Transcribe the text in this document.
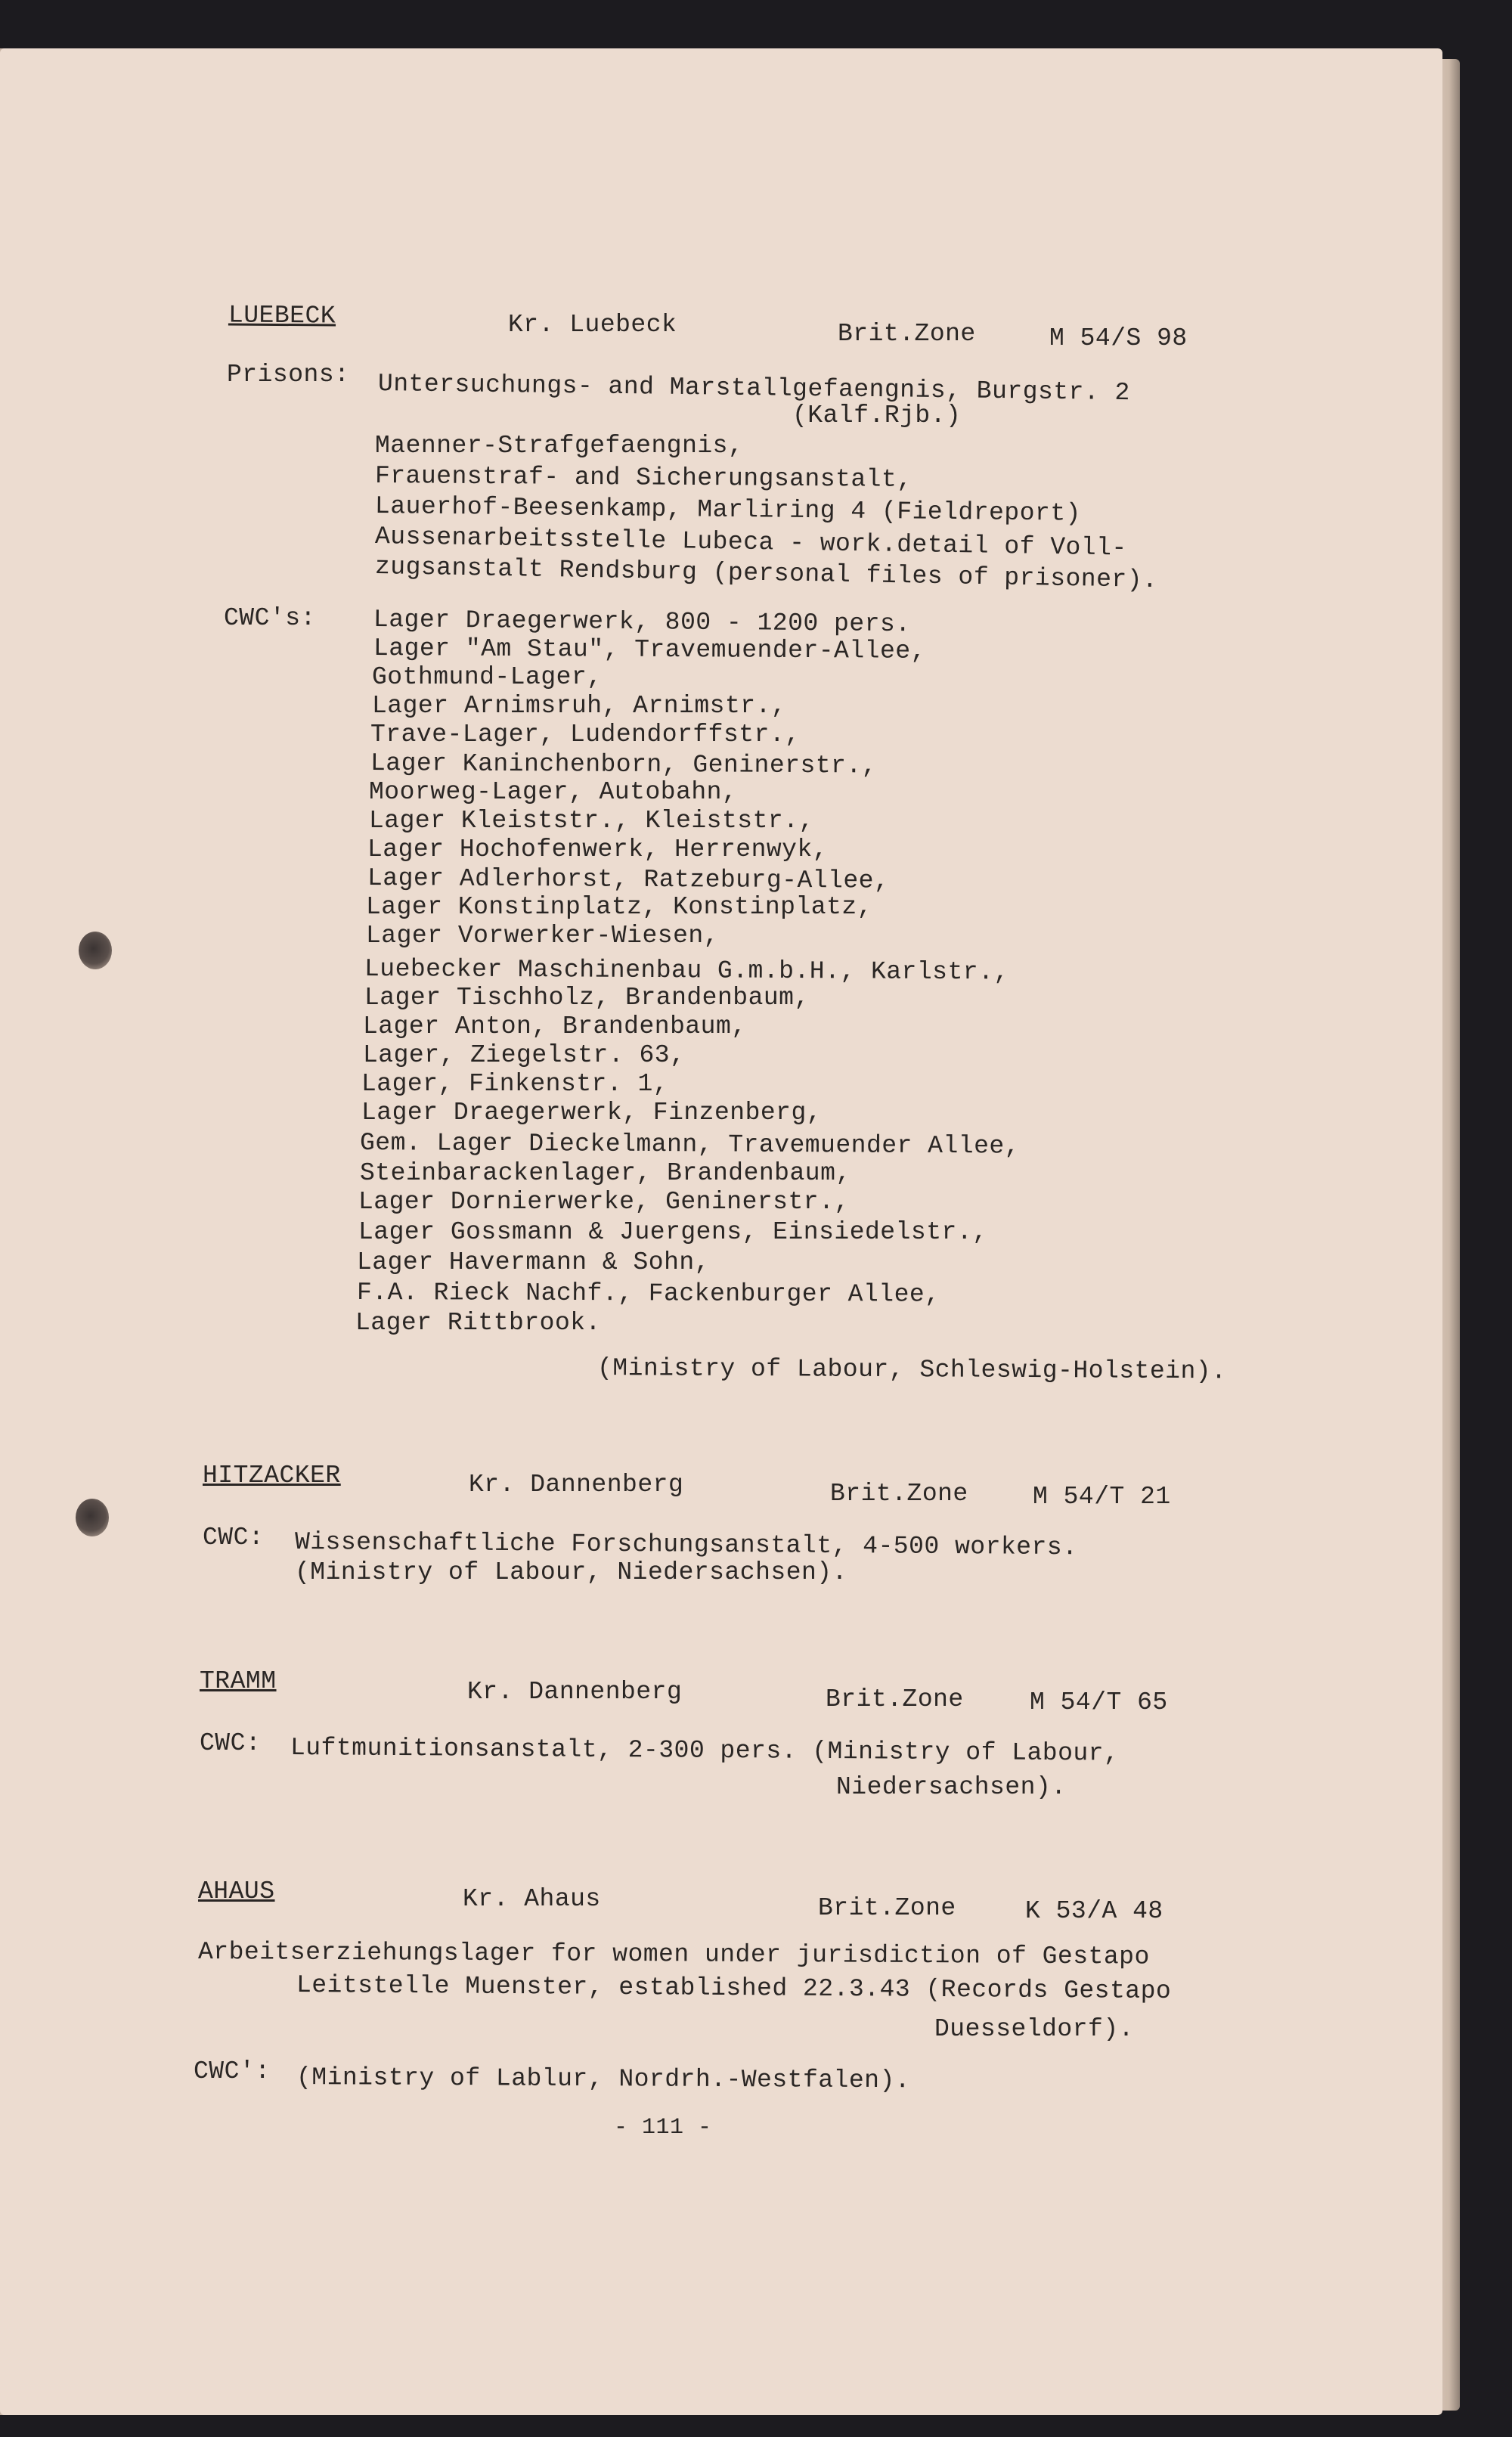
LUEBECK	Kr. Luebeck	Brit.Zone	M 54/S 98
Prisons: Untersuchungs- and Marstallgefaengnis, Burgstr. 2
(Kalf.Rjb.)
Maenner-Strafgefaengnis,
Frauenstraf- and Sicherungsanstalt,
Lauerhof-Beesenkamp, Marliring 4 (Fieldreport)
Aussenarbeitsstelle Lubeca - work.detail of Voll-
zugsanstalt Rendsburg (personal files of prisoner).
CWC's: Lager Draegerwerk, 800 - 1200 pers.
Lager "Am Stau", Travemuender-Allee,
Gothmund-Lager,
Lager Arnimsruh, Arnimstr.,
Trave-Lager, Ludendorffstr.,
Lager Kaninchenborn, Geninerstr.,
Moorweg-Lager, Autobahn,
Lager Kleiststr., Kleiststr.,
Lager Hochofenwerk, Herrenwyk,
Lager Adlerhorst, Ratzeburg-Allee,
Lager Konstinplatz, Konstinplatz,
Lager Vorwerker-Wiesen,
Luebecker Maschinenbau G.m.b.H., Karlstr.,
Lager Tischholz, Brandenbaum,
Lager Anton, Brandenbaum,
Lager, Ziegelstr. 63,
Lager, Finkenstr. 1,
Lager Draegerwerk, Finzenberg,
Gem. Lager Dieckelmann, Travemuender Allee,
Steinbarackenlager, Brandenbaum,
Lager Dornierwerke, Geninerstr.,
Lager Gossmann & Juergens, Einsiedelstr.,
Lager Havermann & Sohn,
F.A. Rieck Nachf., Fackenburger Allee,
Lager Rittbrook.
(Ministry of Labour, Schleswig-Holstein).
HITZACKER	Kr. Dannenberg	Brit.Zone	M 54/T 21
CWC: Wissenschaftliche Forschungsanstalt, 4-500 workers.
(Ministry of Labour, Niedersachsen).
TRAMM	Kr. Dannenberg	Brit.Zone	M 54/T 65
CWC: Luftmunitionsanstalt, 2-300 pers. (Ministry of Labour,
Niedersachsen).
AHAUS	Kr. Ahaus	Brit.Zone	K 53/A 48
Arbeitserziehungslager for women under jurisdiction of Gestapo
Leitstelle Muenster, established 22.3.43 (Records Gestapo
Duesseldorf).
CWC': (Ministry of Lablur, Nordrh.-Westfalen).
- 111 -
